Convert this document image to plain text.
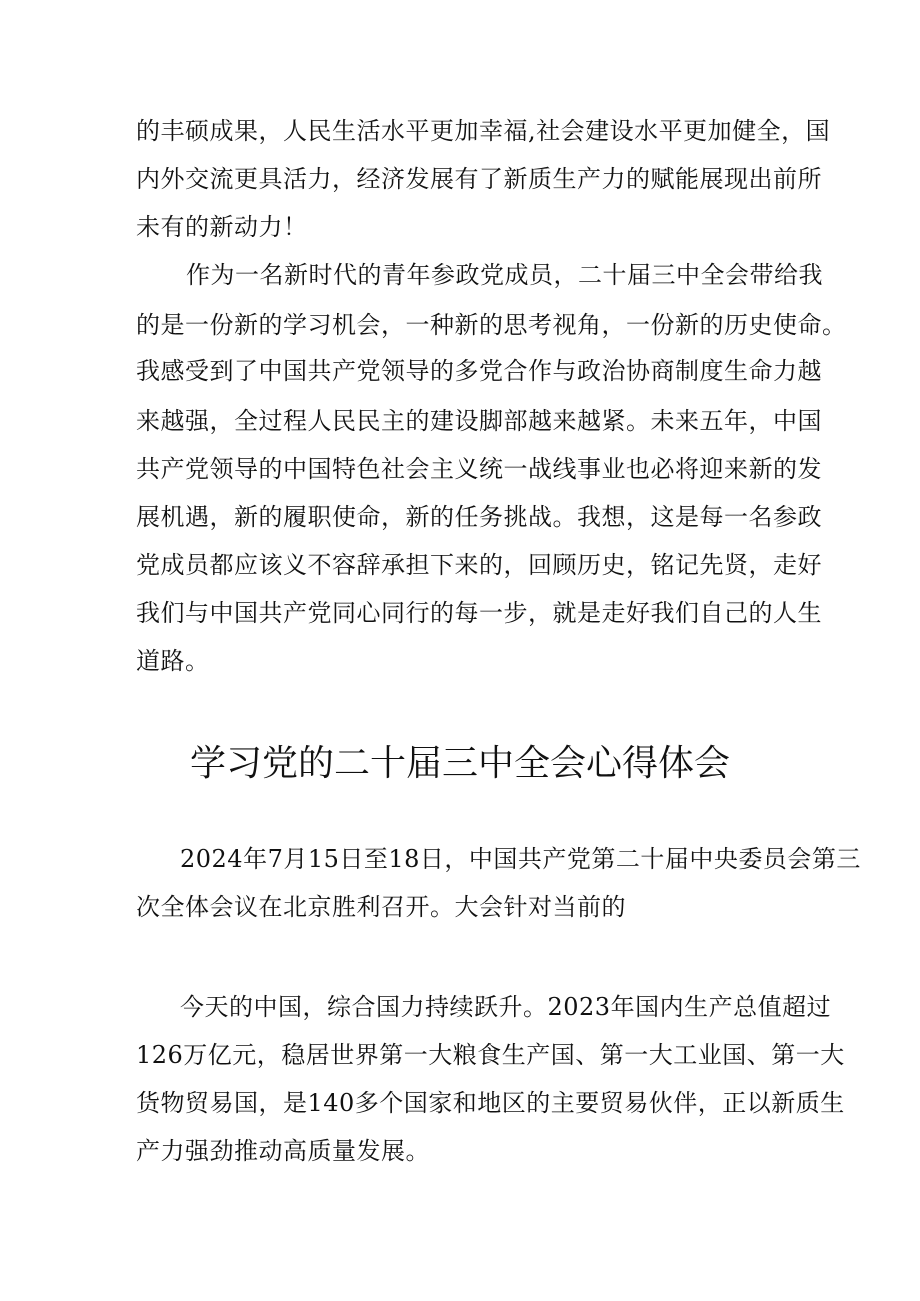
的丰硕成果，人民生活水平更加幸福,社会建设水平更加健全，国
内外交流更具活力，经济发展有了新质生产力的赋能展现出前所
未有的新动力！
作为一名新时代的青年参政党成员，二十届三中全会带给我
的是一份新的学习机会，一种新的思考视角，一份新的历史使命。
我感受到了中国共产党领导的多党合作与政治协商制度生命力越
来越强，全过程人民民主的建设脚部越来越紧。未来五年，中国
共产党领导的中国特色社会主义统一战线事业也必将迎来新的发
展机遇，新的履职使命，新的任务挑战。我想，这是每一名参政
党成员都应该义不容辞承担下来的，回顾历史，铭记先贤，走好
我们与中国共产党同心同行的每一步，就是走好我们自己的人生
道路。
学习党的二十届三中全会心得体会
2024年7月15日至18日，中国共产党第二十届中央委员会第三
次全体会议在北京胜利召开。大会针对当前的
今天的中国，综合国力持续跃升。2023年国内生产总值超过
126万亿元，稳居世界第一大粮食生产国、第一大工业国、第一大
货物贸易国，是140多个国家和地区的主要贸易伙伴，正以新质生
产力强劲推动高质量发展。
